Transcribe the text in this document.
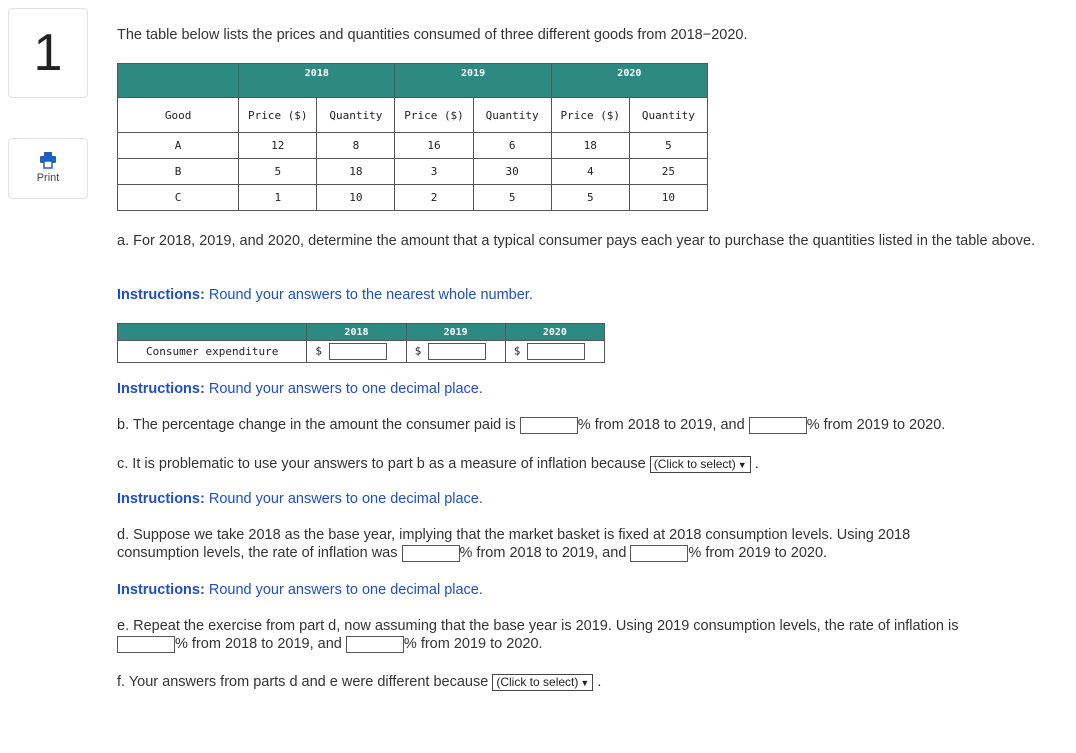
1
Print
The table below lists the prices and quantities consumed of three different goods from 2018−2020.
	2018		2019		2020	
Good	Price ($)	Quantity	Price ($)	Quantity	Price ($)	Quantity
A	12	8	16	6	18	5
B	5	18	3	30	4	25
C	1	10	2	5	5	10
a. For 2018, 2019, and 2020, determine the amount that a typical consumer pays each year to purchase the quantities listed in the table above.
Instructions: Round your answers to the nearest whole number.
	2018	2019	2020
Consumer expenditure	$	$	$
Instructions: Round your answers to one decimal place.
b. The percentage change in the amount the consumer paid is	% from 2018 to 2019, and	% from 2019 to 2020.
c. It is problematic to use your answers to part b as a measure of inflation because (Click to select) ▼ .
Instructions: Round your answers to one decimal place.
d. Suppose we take 2018 as the base year, implying that the market basket is fixed at 2018 consumption levels. Using 2018
consumption levels, the rate of inflation was	% from 2018 to 2019, and	% from 2019 to 2020.
Instructions: Round your answers to one decimal place.
e. Repeat the exercise from part d, now assuming that the base year is 2019. Using 2019 consumption levels, the rate of inflation is
% from 2018 to 2019, and	% from 2019 to 2020.
f. Your answers from parts d and e were different because (Click to select) ▼ .
